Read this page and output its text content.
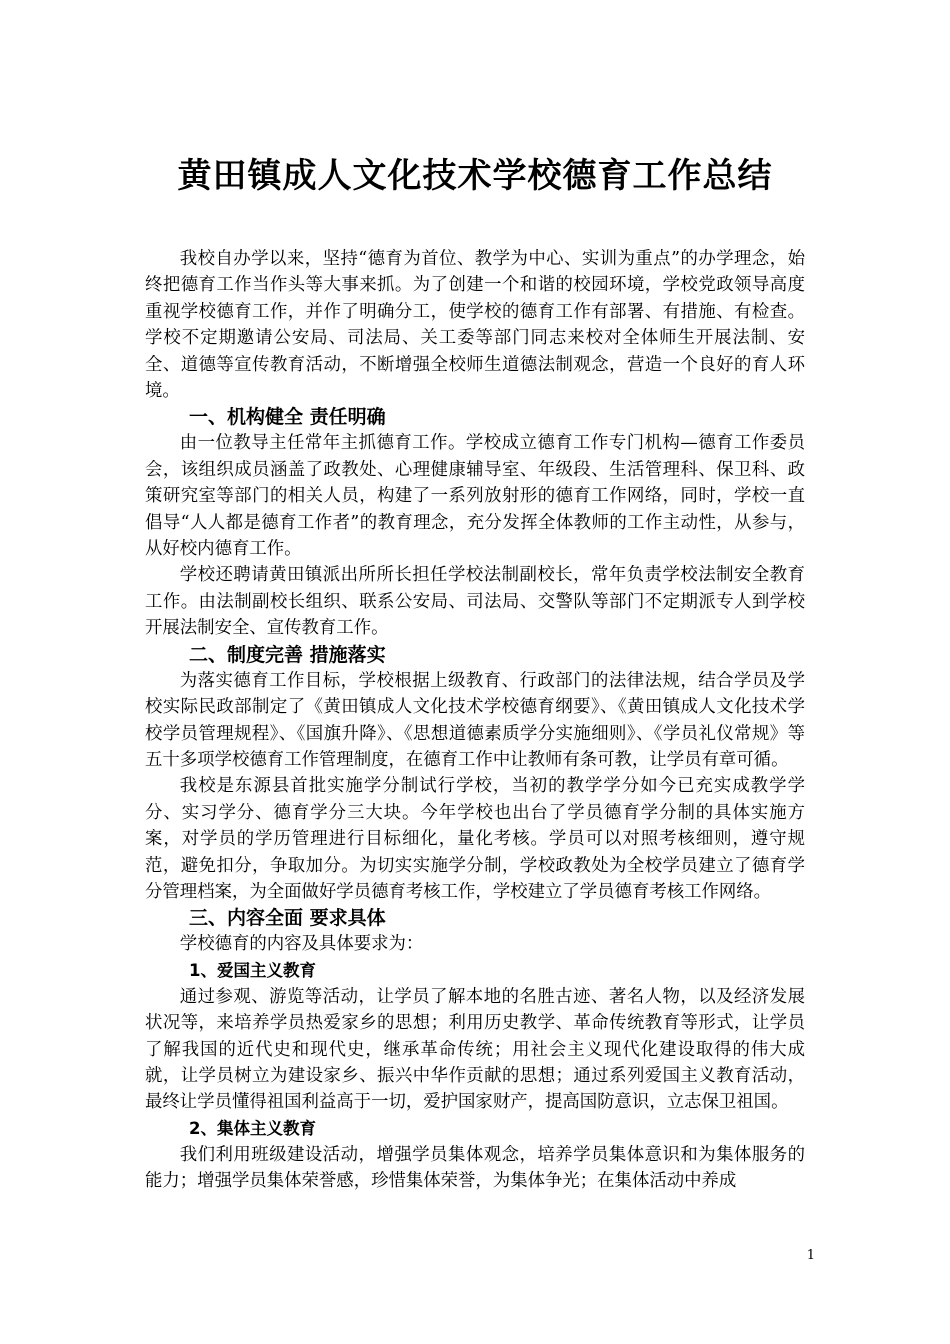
黄田镇成人文化技术学校德育工作总结

我校自办学以来，坚持“德育为首位、教学为中心、实训为重点”的办学理念，始终把德育工作当作头等大事来抓。为了创建一个和谐的校园环境，学校党政领导高度重视学校德育工作，并作了明确分工，使学校的德育工作有部署、有措施、有检查。学校不定期邀请公安局、司法局、关工委等部门同志来校对全体师生开展法制、安全、道德等宣传教育活动，不断增强全校师生道德法制观念，营造一个良好的育人环境。

一、机构健全 责任明确

由一位教导主任常年主抓德育工作。学校成立德育工作专门机构—德育工作委员会，该组织成员涵盖了政教处、心理健康辅导室、年级段、生活管理科、保卫科、政策研究室等部门的相关人员，构建了一系列放射形的德育工作网络，同时，学校一直倡导“人人都是德育工作者”的教育理念，充分发挥全体教师的工作主动性，从参与，从好校内德育工作。

学校还聘请黄田镇派出所所长担任学校法制副校长，常年负责学校法制安全教育工作。由法制副校长组织、联系公安局、司法局、交警队等部门不定期派专人到学校开展法制安全、宣传教育工作。

二、制度完善 措施落实

为落实德育工作目标，学校根据上级教育、行政部门的法律法规，结合学员及学校实际民政部制定了《黄田镇成人文化技术学校德育纲要》、《黄田镇成人文化技术学校学员管理规程》、《国旗升降》、《思想道德素质学分实施细则》、《学员礼仪常规》等五十多项学校德育工作管理制度，在德育工作中让教师有条可教，让学员有章可循。

我校是东源县首批实施学分制试行学校，当初的教学学分如今已充实成教学学分、实习学分、德育学分三大块。今年学校也出台了学员德育学分制的具体实施方案，对学员的学历管理进行目标细化，量化考核。学员可以对照考核细则，遵守规范，避免扣分，争取加分。为切实实施学分制，学校政教处为全校学员建立了德育学分管理档案，为全面做好学员德育考核工作，学校建立了学员德育考核工作网络。

三、内容全面 要求具体

学校德育的内容及具体要求为：

1、爱国主义教育

通过参观、游览等活动，让学员了解本地的名胜古迹、著名人物，以及经济发展状况等，来培养学员热爱家乡的思想；利用历史教学、革命传统教育等形式，让学员了解我国的近代史和现代史，继承革命传统；用社会主义现代化建设取得的伟大成就，让学员树立为建设家乡、振兴中华作贡献的思想；通过系列爱国主义教育活动，最终让学员懂得祖国利益高于一切，爱护国家财产，提高国防意识，立志保卫祖国。

2、集体主义教育

我们利用班级建设活动，增强学员集体观念，培养学员集体意识和为集体服务的能力；增强学员集体荣誉感，珍惜集体荣誉，为集体争光；在集体活动中养成

1
